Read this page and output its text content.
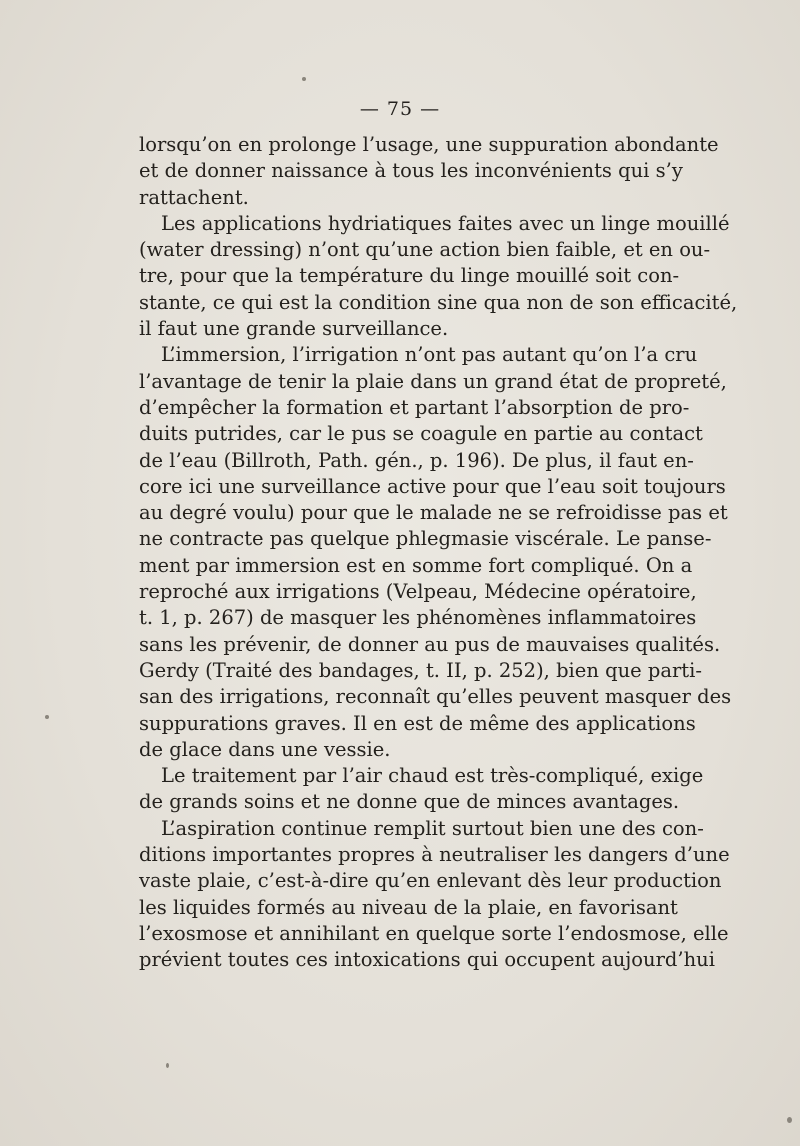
— 75 —
lorsqu’on en prolonge l’usage, une suppuration abondante
et de donner naissance à tous les inconvénients qui s’y
rattachent.
Les applications hydriatiques faites avec un linge mouillé
(water dressing) n’ont qu’une action bien faible, et en ou-
tre, pour que la température du linge mouillé soit con-
stante, ce qui est la condition sine qua non de son efficacité,
il faut une grande surveillance.
L’immersion, l’irrigation n’ont pas autant qu’on l’a cru
l’avantage de tenir la plaie dans un grand état de propreté,
d’empêcher la formation et partant l’absorption de pro-
duits putrides, car le pus se coagule en partie au contact
de l’eau (Billroth, Path. gén., p. 196). De plus, il faut en-
core ici une surveillance active pour que l’eau soit toujours
au degré voulu) pour que le malade ne se refroidisse pas et
ne contracte pas quelque phlegmasie viscérale. Le panse-
ment par immersion est en somme fort compliqué. On a
reproché aux irrigations (Velpeau, Médecine opératoire,
t. 1, p. 267) de masquer les phénomènes inflammatoires
sans les prévenir, de donner au pus de mauvaises qualités.
Gerdy (Traité des bandages, t. II, p. 252), bien que parti-
san des irrigations, reconnaît qu’elles peuvent masquer des
suppurations graves. Il en est de même des applications
de glace dans une vessie.
Le traitement par l’air chaud est très-compliqué, exige
de grands soins et ne donne que de minces avantages.
L’aspiration continue remplit surtout bien une des con-
ditions importantes propres à neutraliser les dangers d’une
vaste plaie, c’est-à-dire qu’en enlevant dès leur production
les liquides formés au niveau de la plaie, en favorisant
l’exosmose et annihilant en quelque sorte l’endosmose, elle
prévient toutes ces intoxications qui occupent aujourd’hui
